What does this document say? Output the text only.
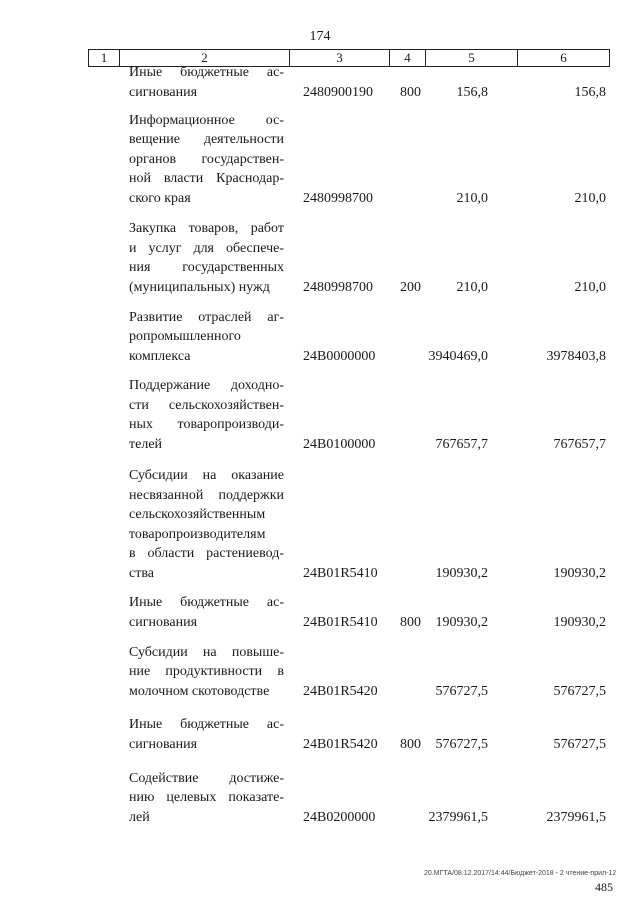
174
1	2	3	4	5	6
Иные бюджетные ас-
сигнования	2480900190 800	156,8	156,8
Информационное ос-
вещение деятельности
органов государствен-
ной власти Краснодар-
ского края	2480998700	210,0	210,0
Закупка товаров, работ
и услуг для обеспече-
ния государственных
(муниципальных) нужд	2480998700 200	210,0	210,0
Развитие отраслей аг-
ропромышленного
комплекса	24B0000000	3940469,0	3978403,8
Поддержание доходно-
сти сельскохозяйствен-
ных товаропроизводи-
телей	24B0100000	767657,7	767657,7
Субсидии на оказание
несвязанной поддержки
сельскохозяйственным
товаропроизводителям
в области растениевод-
ства	24B01R5410	190930,2	190930,2
Иные бюджетные ас-
сигнования	24B01R5410 800 190930,2	190930,2
Субсидии на повыше-
ние продуктивности в
молочном скотоводстве	24B01R5420	576727,5	576727,5
Иные бюджетные ас-
сигнования	24B01R5420 800 576727,5	576727,5
Содействие достиже-
нию целевых показате-
лей	24B0200000	2379961,5	2379961,5
20.МГТА/08.12.2017/14:44/Бюджет-2018 - 2 чтение-прил-12
485
